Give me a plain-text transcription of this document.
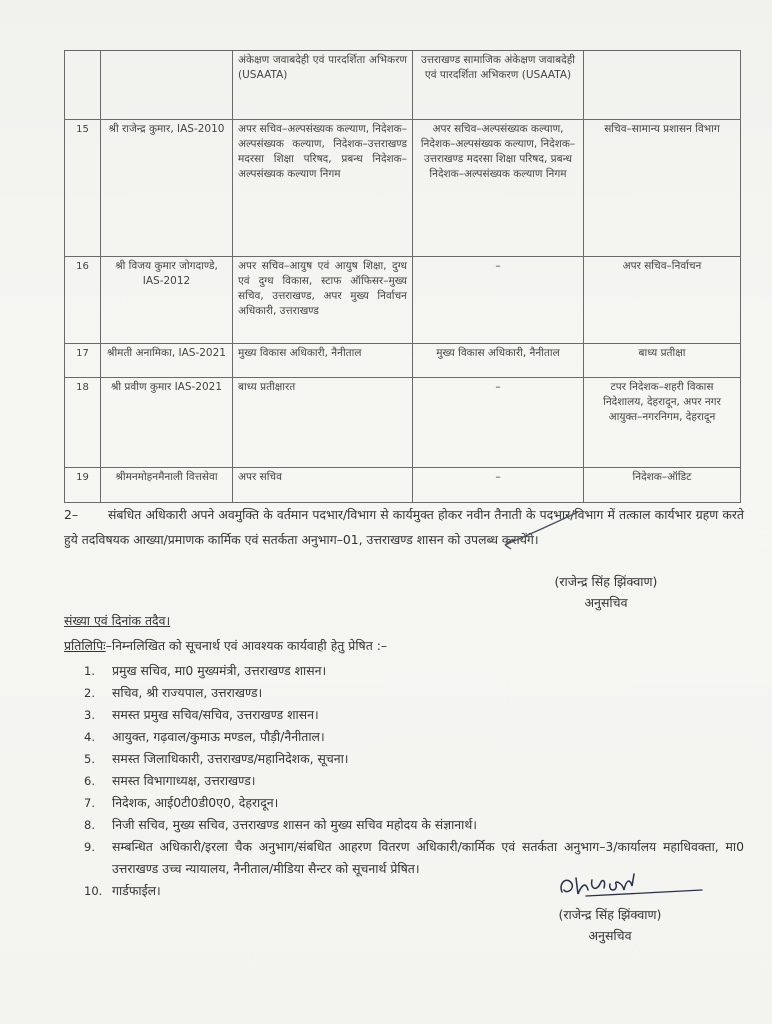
		अंकेक्षण जवाबदेही एवं पारदर्शिता अभिकरण (USAATA)	उत्तराखण्ड सामाजिक अंकेक्षण जवाबदेही एवं पारदर्शिता अभिकरण (USAATA)	
15	श्री राजेन्द्र कुमार, IAS-2010	अपर सचिव–अल्पसंख्यक कल्याण, निदेशक–अल्पसंख्यक कल्याण, निदेशक–उत्तराखण्ड मदरसा शिक्षा परिषद, प्रबन्ध निदेशक–अल्पसंख्यक कल्याण निगम	अपर सचिव–अल्पसंख्यक कल्याण, निदेशक–अल्पसंख्यक कल्याण, निदेशक–उत्तराखण्ड मदरसा शिक्षा परिषद, प्रबन्ध निदेशक–अल्पसंख्यक कल्याण निगम	सचिव–सामान्य प्रशासन विभाग
16	श्री विजय कुमार जोगदाण्डे, IAS-2012	अपर सचिव–आयुष एवं आयुष शिक्षा, दुग्ध एवं दुग्ध विकास, स्टाफ ऑफिसर–मुख्य सचिव, उत्तराखण्ड, अपर मुख्य निर्वाचन अधिकारी, उत्तराखण्ड	–	अपर सचिव–निर्वाचन
17	श्रीमती अनामिका, IAS-2021	मुख्य विकास अधिकारी, नैनीताल	मुख्य विकास अधिकारी, नैनीताल	बाध्य प्रतीक्षा
18	श्री प्रवीण कुमार IAS-2021	बाध्य प्रतीक्षारत	–	टपर निदेशक–शहरी विकास निदेशालय, देहरादून, अपर नगर आयुक्त–नगरनिगम, देहरादून
19	श्रीमनमोहनमैनाली वित्तसेवा	अपर सचिव	–	निदेशक–ऑडिट
2– संबधित अधिकारी अपने अवमुक्ति के वर्तमान पदभार/विभाग से कार्यमुक्त होकर नवीन तैनाती के पदभार/विभाग में तत्काल कार्यभार ग्रहण करते हुये तदविषयक आख्या/प्रमाणक कार्मिक एवं सतर्कता अनुभाग–01, उत्तराखण्ड शासन को उपलब्ध करायेंगे।
(राजेन्द्र सिंह झिंक्वाण)
अनुसचिव
संख्या एवं दिनांक तदैव।
प्रतिलिपिः–निम्नलिखित को सूचनार्थ एवं आवश्यक कार्यवाही हेतु प्रेषित :–
1.	प्रमुख सचिव, मा0 मुख्यमंत्री, उत्तराखण्ड शासन।
2.	सचिव, श्री राज्यपाल, उत्तराखण्ड।
3.	समस्त प्रमुख सचिव/सचिव, उत्तराखण्ड शासन।
4.	आयुक्त, गढ़वाल/कुमाऊ मण्डल, पौड़ी/नैनीताल।
5.	समस्त जिलाधिकारी, उत्तराखण्ड/महानिदेशक, सूचना।
6.	समस्त विभागाध्यक्ष, उत्तराखण्ड।
7.	निदेशक, आई0टी0डी0ए0, देहरादून।
8.	निजी सचिव, मुख्य सचिव, उत्तराखण्ड शासन को मुख्य सचिव महोदय के संज्ञानार्थ।
9.	सम्बन्धित अधिकारी/इरला चैक अनुभाग/संबधित आहरण वितरण अधिकारी/कार्मिक एवं सतर्कता अनुभाग–3/कार्यालय महाधिवक्ता, मा0 उत्तराखण्ड उच्च न्यायालय, नैनीताल/मीडिया सैन्टर को सूचनार्थ प्रेषित।
10. गार्डफाईल।
(राजेन्द्र सिंह झिंक्वाण)
अनुसचिव
